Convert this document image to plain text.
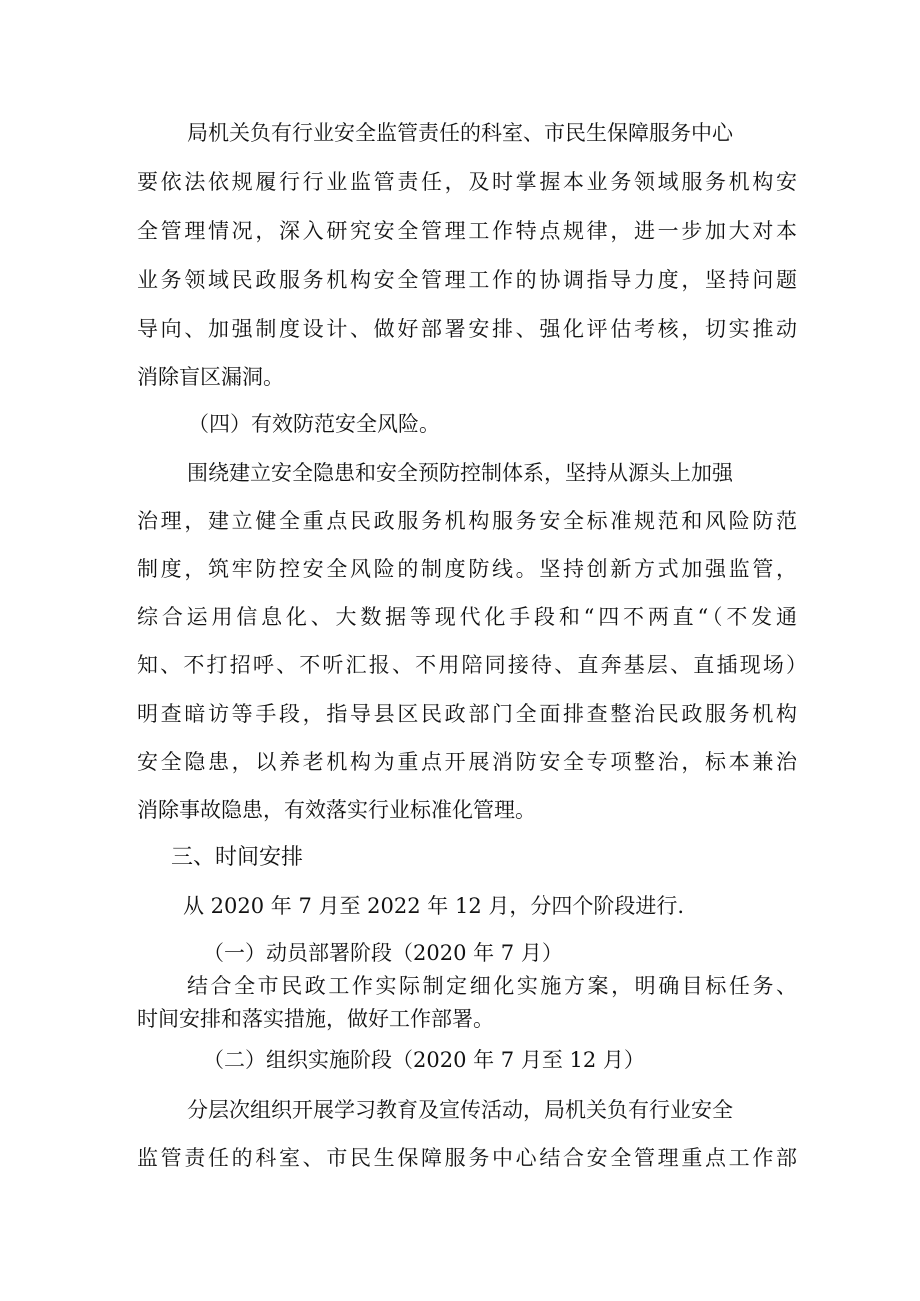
局机关负有行业安全监管责任的科室、市民生保障服务中心
要依法依规履行行业监管责任，及时掌握本业务领域服务机构安
全管理情况，深入研究安全管理工作特点规律，进一步加大对本
业务领域民政服务机构安全管理工作的协调指导力度，坚持问题
导向、加强制度设计、做好部署安排、强化评估考核，切实推动
消除盲区漏洞。
（四）有效防范安全风险。
围绕建立安全隐患和安全预防控制体系，坚持从源头上加强
治理，建立健全重点民政服务机构服务安全标准规范和风险防范
制度，筑牢防控安全风险的制度防线。坚持创新方式加强监管，
综合运用信息化、大数据等现代化手段和“四不两直“（不发通
知、不打招呼、不听汇报、不用陪同接待、直奔基层、直插现场）
明查暗访等手段，指导县区民政部门全面排查整治民政服务机构
安全隐患，以养老机构为重点开展消防安全专项整治，标本兼治
消除事故隐患，有效落实行业标准化管理。
三、时间安排
从 2020 年 7 月至 2022 年 12 月，分四个阶段进行.
（一）动员部署阶段（2020 年 7 月）
结合全市民政工作实际制定细化实施方案，明确目标任务、
时间安排和落实措施，做好工作部署。
（二）组织实施阶段（2020 年 7 月至 12 月）
分层次组织开展学习教育及宣传活动，局机关负有行业安全
监管责任的科室、市民生保障服务中心结合安全管理重点工作部
